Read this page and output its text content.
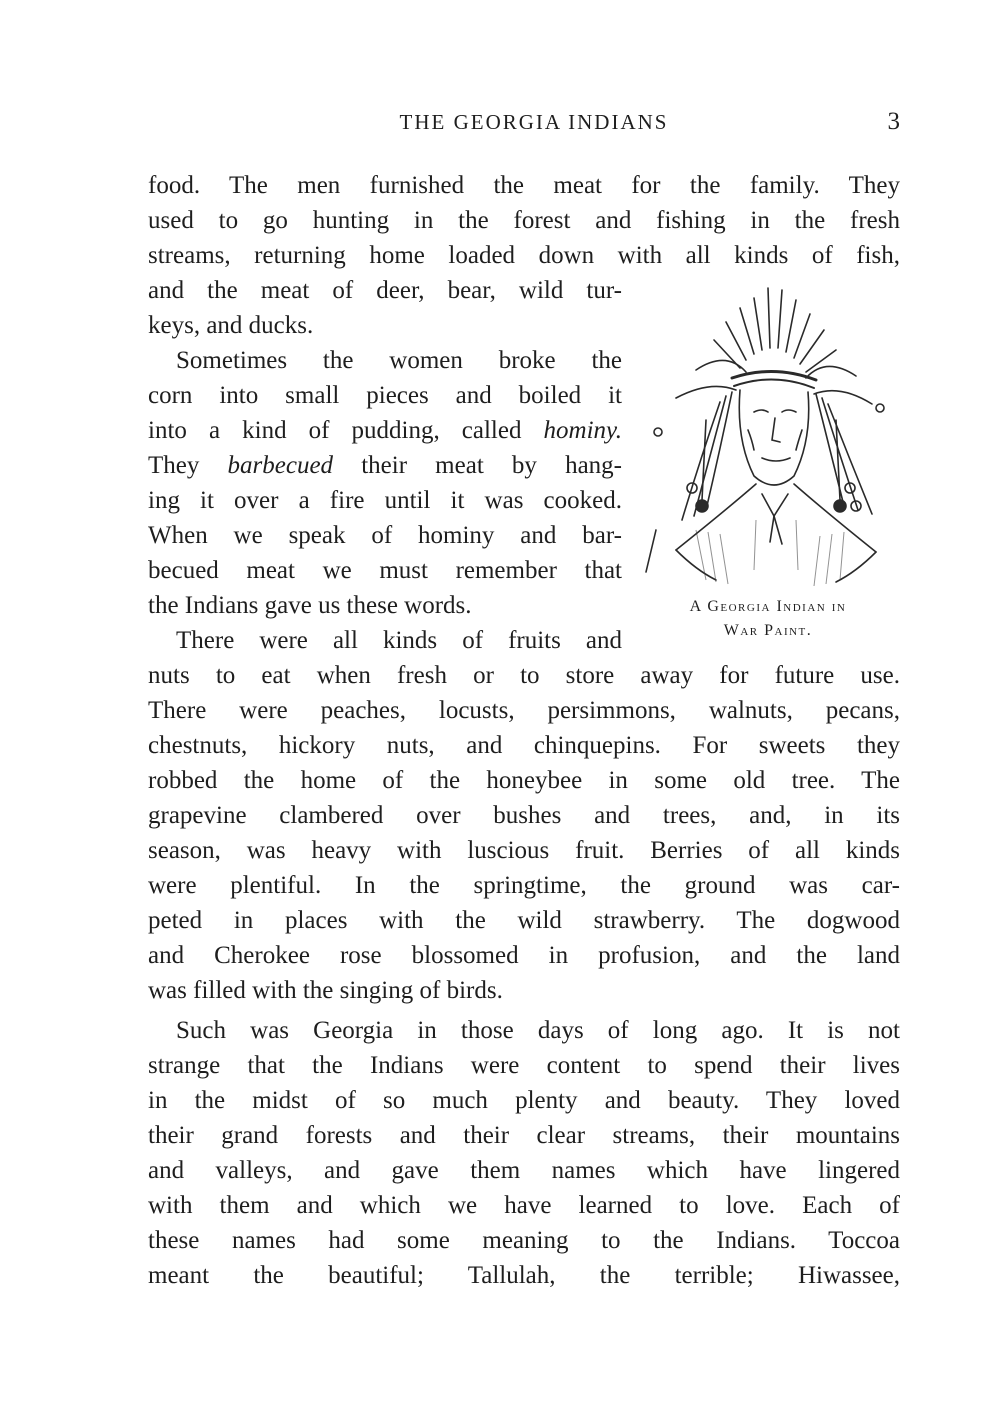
THE GEORGIA INDIANS	3
food. The men furnished the meat for the family. They
used to go hunting in the forest and fishing in the fresh
streams, returning home loaded down with all kinds of fish,
and the meat of deer, bear, wild tur-
keys, and ducks.
Sometimes the women broke the
corn into small pieces and boiled it
into a kind of pudding, called hominy.
They barbecued their meat by hang-
ing it over a fire until it was cooked.
When we speak of hominy and bar-
becued meat we must remember that
the Indians gave us these words.
There were all kinds of fruits and
nuts to eat when fresh or to store away for future use.
There were peaches, locusts, persimmons, walnuts, pecans,
chestnuts, hickory nuts, and chinquepins. For sweets they
robbed the home of the honeybee in some old tree. The
grapevine clambered over bushes and trees, and, in its
season, was heavy with luscious fruit. Berries of all kinds
were plentiful. In the springtime, the ground was car-
peted in places with the wild strawberry. The dogwood
and Cherokee rose blossomed in profusion, and the land
was filled with the singing of birds.
Such was Georgia in those days of long ago. It is not
strange that the Indians were content to spend their lives
in the midst of so much plenty and beauty. They loved
their grand forests and their clear streams, their mountains
and valleys, and gave them names which have lingered
with them and which we have learned to love. Each of
these names had some meaning to the Indians. Toccoa
meant the beautiful; Tallulah, the terrible; Hiwassee,
A Georgia Indian in
War Paint.
